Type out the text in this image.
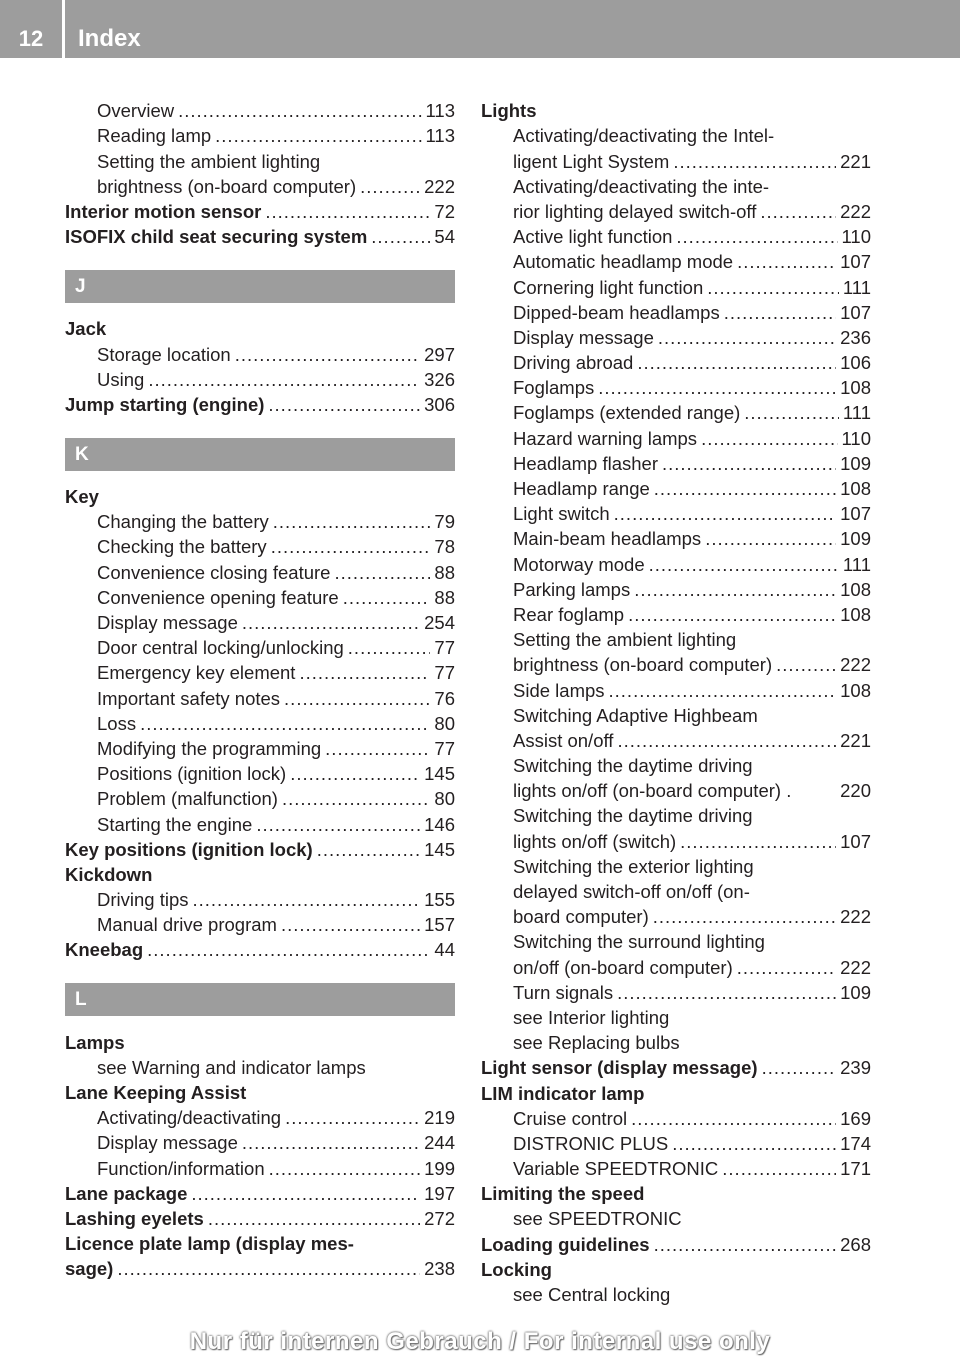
12	Index
Overview .....	113
Reading lamp .....	113
Setting the ambient lighting
brightness (on-board computer) .....	222
Interior motion sensor .....	72
ISOFIX child seat securing system .....	54
J
Jack
Storage location .....	297
Using .....	326
Jump starting (engine) .....	306
K
Key
Changing the battery .....	79
Checking the battery .....	78
Convenience closing feature .....	88
Convenience opening feature .....	88
Display message .....	254
Door central locking/unlocking .....	77
Emergency key element .....	77
Important safety notes .....	76
Loss .....	80
Modifying the programming .....	77
Positions (ignition lock) .....	145
Problem (malfunction) .....	80
Starting the engine .....	146
Key positions (ignition lock) .....	145
Kickdown
Driving tips .....	155
Manual drive program .....	157
Kneebag .....	44
L
Lamps
see Warning and indicator lamps
Lane Keeping Assist
Activating/deactivating .....	219
Display message .....	244
Function/information .....	199
Lane package .....	197
Lashing eyelets .....	272
Licence plate lamp (display mes-
sage) .....	238
Lights
Activating/deactivating the Intel-
ligent Light System .....	221
Activating/deactivating the inte-
rior lighting delayed switch-off .....	222
Active light function .....	110
Automatic headlamp mode .....	107
Cornering light function .....	111
Dipped-beam headlamps .....	107
Display message .....	236
Driving abroad .....	106
Foglamps .....	108
Foglamps (extended range) .....	111
Hazard warning lamps .....	110
Headlamp flasher .....	109
Headlamp range .....	108
Light switch .....	107
Main-beam headlamps .....	109
Motorway mode .....	111
Parking lamps .....	108
Rear foglamp .....	108
Setting the ambient lighting
brightness (on-board computer) .....	222
Side lamps .....	108
Switching Adaptive Highbeam
Assist on/off .....	221
Switching the daytime driving
lights on/off (on-board computer) .	220
Switching the daytime driving
lights on/off (switch) .....	107
Switching the exterior lighting
delayed switch-off on/off (on-
board computer) .....	222
Switching the surround lighting
on/off (on-board computer) .....	222
Turn signals .....	109
see Interior lighting
see Replacing bulbs
Light sensor (display message) .....	239
LIM indicator lamp
Cruise control .....	169
DISTRONIC PLUS .....	174
Variable SPEEDTRONIC .....	171
Limiting the speed
see SPEEDTRONIC
Loading guidelines .....	268
Locking
see Central locking
Nur für internen Gebrauch / For internal use only
